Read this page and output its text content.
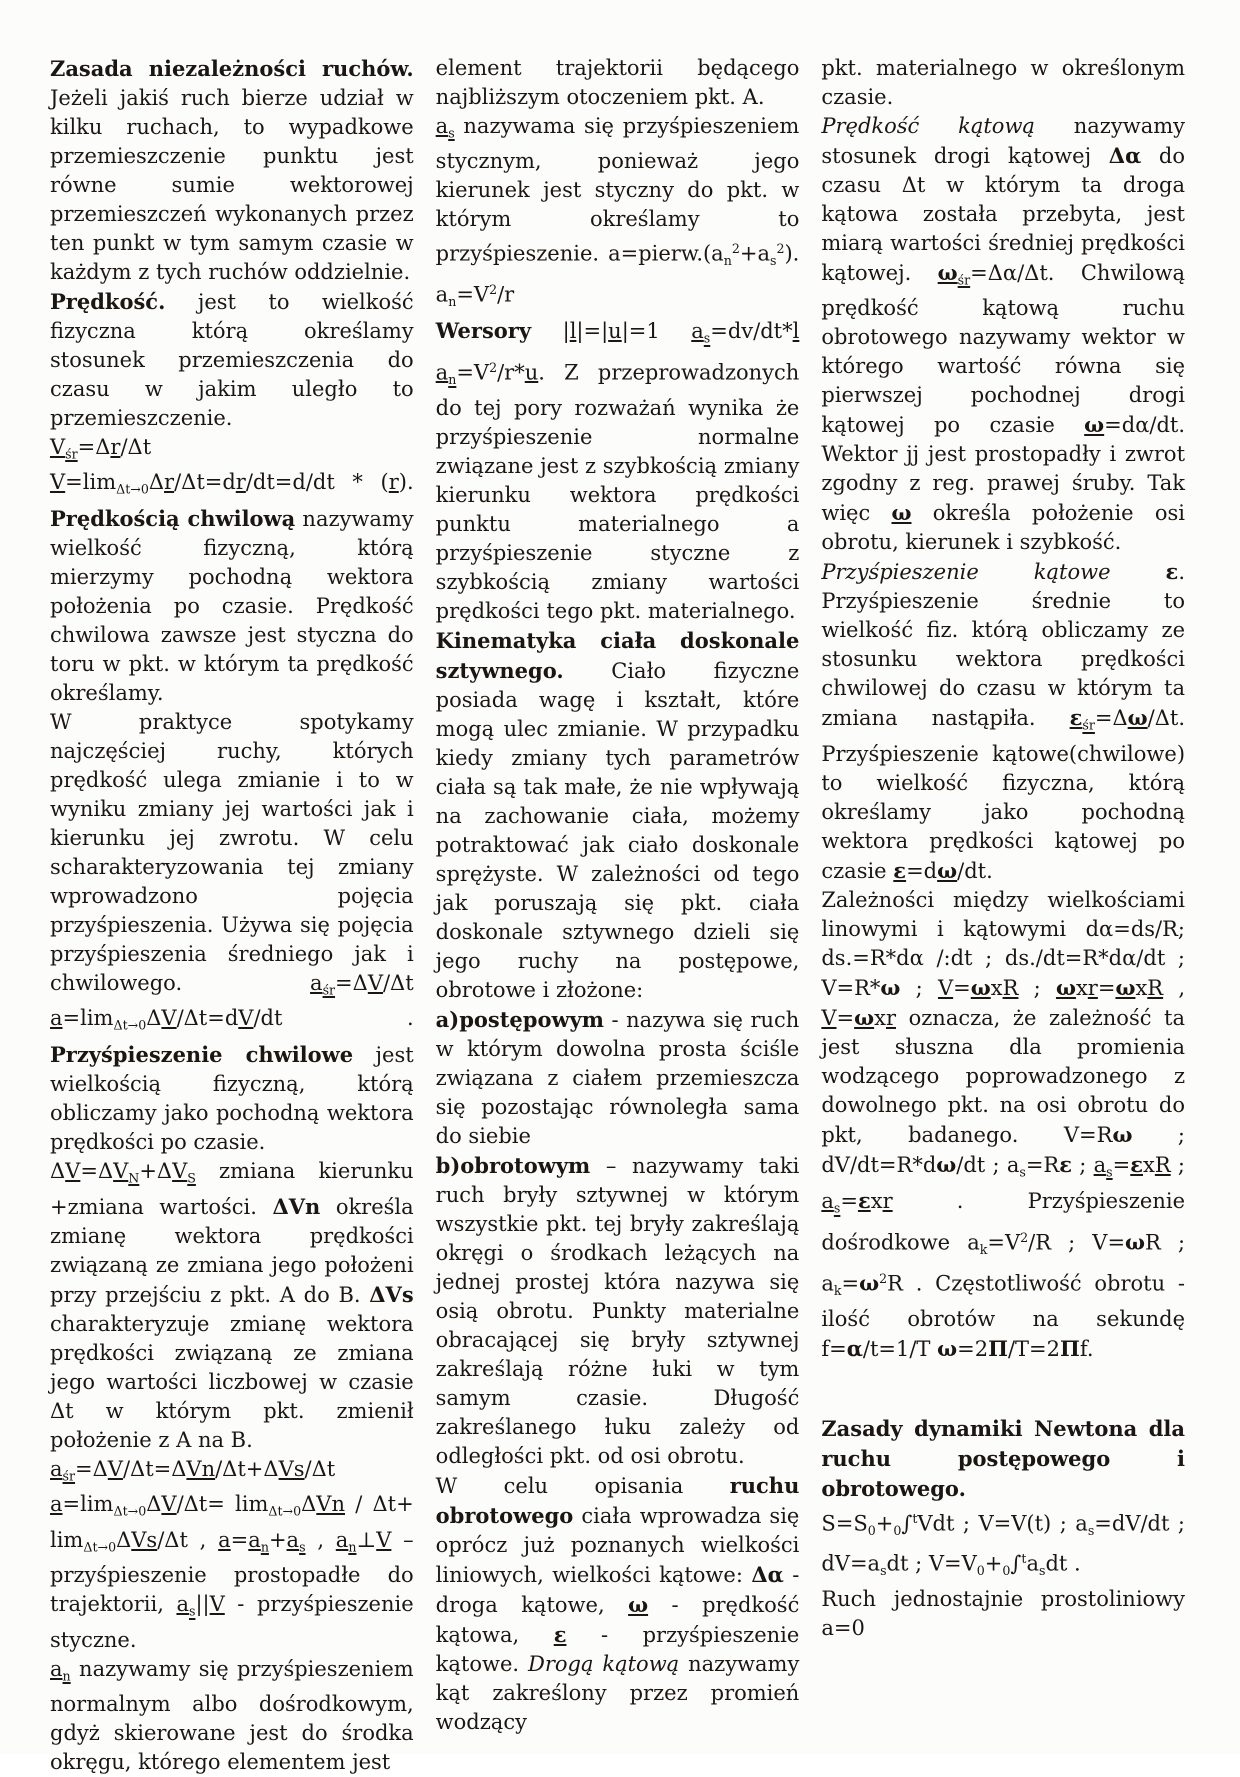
Zasada niezależności ruchów. Jeżeli jakiś ruch bierze udział w kilku ruchach, to wypadkowe przemieszczenie punktu jest równe sumie wektorowej przemieszczeń wykonanych przez ten punkt w tym samym czasie w każdym z tych ruchów oddzielnie.

Prędkość. jest to wielkość fizyczna którą określamy stosunek przemieszczenia do czasu w jakim uległo to przemieszczenie.

$V_{śr}=\Delta r/\Delta t$

$V=\lim_{\Delta t\to 0}\Delta r/\Delta t=dr/dt=d/dt * (r)$.

Prędkością chwilową nazywamy wielkość fizyczną, którą mierzymy pochodną wektora położenia po czasie. Prędkość chwilowa zawsze jest styczna do toru w pkt. w którym ta prędkość określamy.

W praktyce spotykamy najczęściej ruchy, których prędkość ulega zmianie i to w wyniku zmiany jej wartości jak i kierunku jej zwrotu. W celu scharakteryzowania tej zmiany wprowadzono pojęcia przyśpieszenia. Używa się pojęcia przyśpieszenia średniego jak i chwilowego. $a_{śr}=\Delta V/\Delta t$

$a=\lim_{\Delta t\to 0}\Delta V/\Delta t=dV/dt$ .

Przyśpieszenie chwilowe jest wielkością fizyczną, którą obliczamy jako pochodną wektora prędkości po czasie.

$\Delta V=\Delta V_N+\Delta V_S$ zmiana kierunku +zmiana wartości. ΔVn określa zmianę wektora prędkości związaną ze zmiana jego położeni przy przejściu z pkt. A do B. ΔVs charakteryzuje zmianę wektora prędkości związaną ze zmiana jego wartości liczbowej w czasie Δt w którym pkt. zmienił położenie z A na B.

$a_{śr}=\Delta V/\Delta t=\Delta Vn/\Delta t+\Delta Vs/\Delta t$

$a=\lim_{\Delta t\to 0}\Delta V/\Delta t= \lim_{\Delta t\to 0}\Delta Vn / \Delta t+ \lim_{\Delta t\to 0}\Delta Vs/\Delta t$ , $a=a_n+a_s$ , $a_n\perp V$ – przyśpieszenie prostopadłe do trajektorii, $a_s||V$ - przyśpieszenie styczne.

$a_n$ nazywamy się przyśpieszeniem normalnym albo dośrodkowym, gdyż skierowane jest do środka okręgu, którego elementem jest

element trajektorii będącego najbliższym otoczeniem pkt. A.

$a_s$ nazywama się przyśpieszeniem stycznym, ponieważ jego kierunek jest styczny do pkt. w którym określamy to przyśpieszenie. $a=pierw.(a_n^2+a_s^2)$. $a_n=V^2/r$

Wersory |l|=|u|=1 $a_s=dv/dt*l$ $a_n=V^2/r*u$. Z przeprowadzonych do tej pory rozważań wynika że przyśpieszenie normalne związane jest z szybkością zmiany kierunku wektora prędkości punktu materialnego a przyśpieszenie styczne z szybkością zmiany wartości prędkości tego pkt. materialnego.

Kinematyka ciała doskonale sztywnego. Ciało fizyczne posiada wagę i kształt, które mogą ulec zmianie. W przypadku kiedy zmiany tych parametrów ciała są tak małe, że nie wpływają na zachowanie ciała, możemy potraktować jak ciało doskonale sprężyste. W zależności od tego jak poruszają się pkt. ciała doskonale sztywnego dzieli się jego ruchy na postępowe, obrotowe i złożone:

a)postępowym - nazywa się ruch w którym dowolna prosta ściśle związana z ciałem przemieszcza się pozostając równoległa sama do siebie

b)obrotowym – nazywamy taki ruch bryły sztywnej w którym wszystkie pkt. tej bryły zakreślają okręgi o środkach leżących na jednej prostej która nazywa się osią obrotu. Punkty materialne obracającej się bryły sztywnej zakreślają różne łuki w tym samym czasie. Długość zakreślanego łuku zależy od odległości pkt. od osi obrotu.

W celu opisania ruchu obrotowego ciała wprowadza się oprócz już poznanych wielkości liniowych, wielkości kątowe: Δα -droga kątowe, ω - prędkość kątowa, ε - przyśpieszenie kątowe. Drogą kątową nazywamy kąt zakreślony przez promień wodzący

pkt. materialnego w określonym czasie.

Prędkość kątową nazywamy stosunek drogi kątowej Δα do czasu Δt w którym ta droga kątowa została przebyta, jest miarą wartości średniej prędkości kątowej. $\omega_{śr}=\Delta\alpha/\Delta t$. Chwilową prędkość kątową ruchu obrotowego nazywamy wektor w którego wartość równa się pierwszej pochodnej drogi kątowej po czasie ω=dα/dt. Wektor jj jest prostopadły i zwrot zgodny z reg. prawej śruby. Tak więc ω określa położenie osi obrotu, kierunek i szybkość.

Przyśpieszenie kątowe	ε.

Przyśpieszenie średnie to wielkość fiz. którą obliczamy ze stosunku wektora prędkości chwilowej do czasu w którym ta zmiana nastąpiła. $\varepsilon_{śr}=\Delta\omega/\Delta t$.

Przyśpieszenie kątowe(chwilowe) to wielkość fizyczna, którą określamy jako pochodną wektora prędkości kątowej po czasie ε=dω/dt.

Zależności między wielkościami linowymi i kątowymi dα=ds/R; ds.=R*dα /:dt ; ds./dt=R*dα/dt ; V=R*ω ; V=ωxR ; ωxr=ωxR , V=ωxr oznacza, że zależność ta jest słuszna dla promienia wodzącego poprowadzonego z dowolnego pkt. na osi obrotu do pkt, badanego. V=Rω ; dV/dt=R*dω/dt ; $a_s=R\varepsilon$ ; $a_s=\varepsilon xR$ ; $a_s=\varepsilon xr$ . Przyśpieszenie dośrodkowe $a_k=V^2/R$ ; V=ωR ; $a_k=\omega^2R$ . Częstotliwość obrotu - ilość obrotów na sekundę f=α/t=1/T ω=2Π/T=2Πf.

Zasady dynamiki Newtona dla ruchu postępowego i obrotowego.

$S=S_0+_0\int^tVdt$ ; V=V(t) ; $a_s=dV/dt$ ; $dV=a_sdt$ ; $V=V_0+_0\int^ta_sdt$ .

Ruch jednostajnie prostoliniowy a=0
